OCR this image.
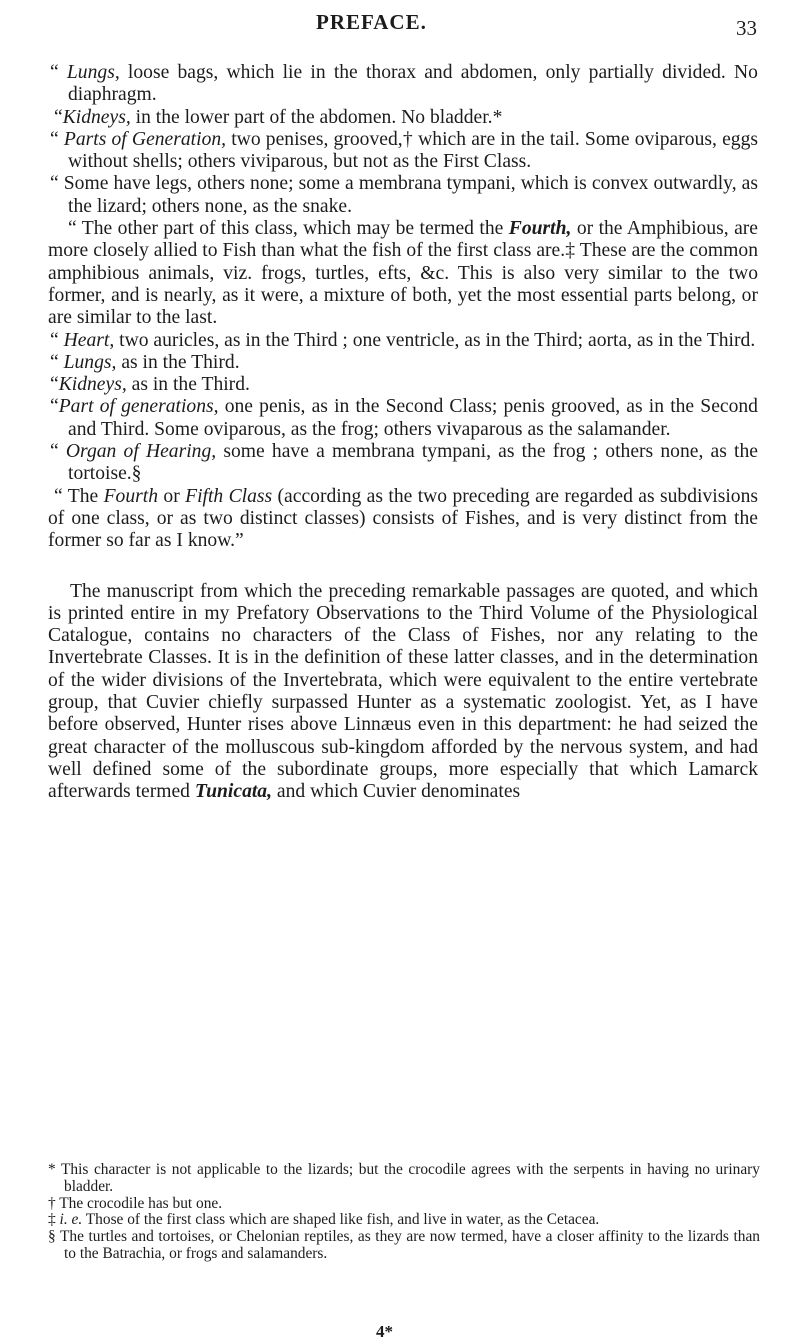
PREFACE.	33

“ Lungs, loose bags, which lie in the thorax and abdomen, only partially divided. No diaphragm.

“Kidneys, in the lower part of the abdomen. No bladder.*

“ Parts of Generation, two penises, grooved,† which are in the tail. Some oviparous, eggs without shells; others viviparous, but not as the First Class.

“ Some have legs, others none; some a membrana tympani, which is convex outwardly, as the lizard; others none, as the snake.

“ The other part of this class, which may be termed the Fourth, or the Amphibious, are more closely allied to Fish than what the fish of the first class are.‡ These are the common amphibious animals, viz. frogs, turtles, efts, &c. This is also very similar to the two former, and is nearly, as it were, a mixture of both, yet the most essential parts belong, or are similar to the last.

“ Heart, two auricles, as in the Third ; one ventricle, as in the Third; aorta, as in the Third.

“ Lungs, as in the Third.

“Kidneys, as in the Third.

“Part of generations, one penis, as in the Second Class; penis grooved, as in the Second and Third. Some oviparous, as the frog; others vivaparous as the salamander.

“ Organ of Hearing, some have a membrana tympani, as the frog ; others none, as the tortoise.§

“ The Fourth or Fifth Class (according as the two preceding are regarded as subdivisions of one class, or as two distinct classes) consists of Fishes, and is very distinct from the former so far as I know.”

The manuscript from which the preceding remarkable passages are quoted, and which is printed entire in my Prefatory Observations to the Third Volume of the Physiological Catalogue, contains no characters of the Class of Fishes, nor any relating to the Invertebrate Classes. It is in the definition of these latter classes, and in the determination of the wider divisions of the Invertebrata, which were equivalent to the entire vertebrate group, that Cuvier chiefly surpassed Hunter as a systematic zoologist. Yet, as I have before observed, Hunter rises above Linnæus even in this department: he had seized the great character of the molluscous sub-kingdom afforded by the nervous system, and had well defined some of the subordinate groups, more especially that which Lamarck afterwards termed Tunicata, and which Cuvier denominates

* This character is not applicable to the lizards; but the crocodile agrees with the serpents in having no urinary bladder.

† The crocodile has but one.

‡ i. e. Those of the first class which are shaped like fish, and live in water, as the Cetacea.

§ The turtles and tortoises, or Chelonian reptiles, as they are now termed, have a closer affinity to the lizards than to the Batrachia, or frogs and salamanders.

4*
